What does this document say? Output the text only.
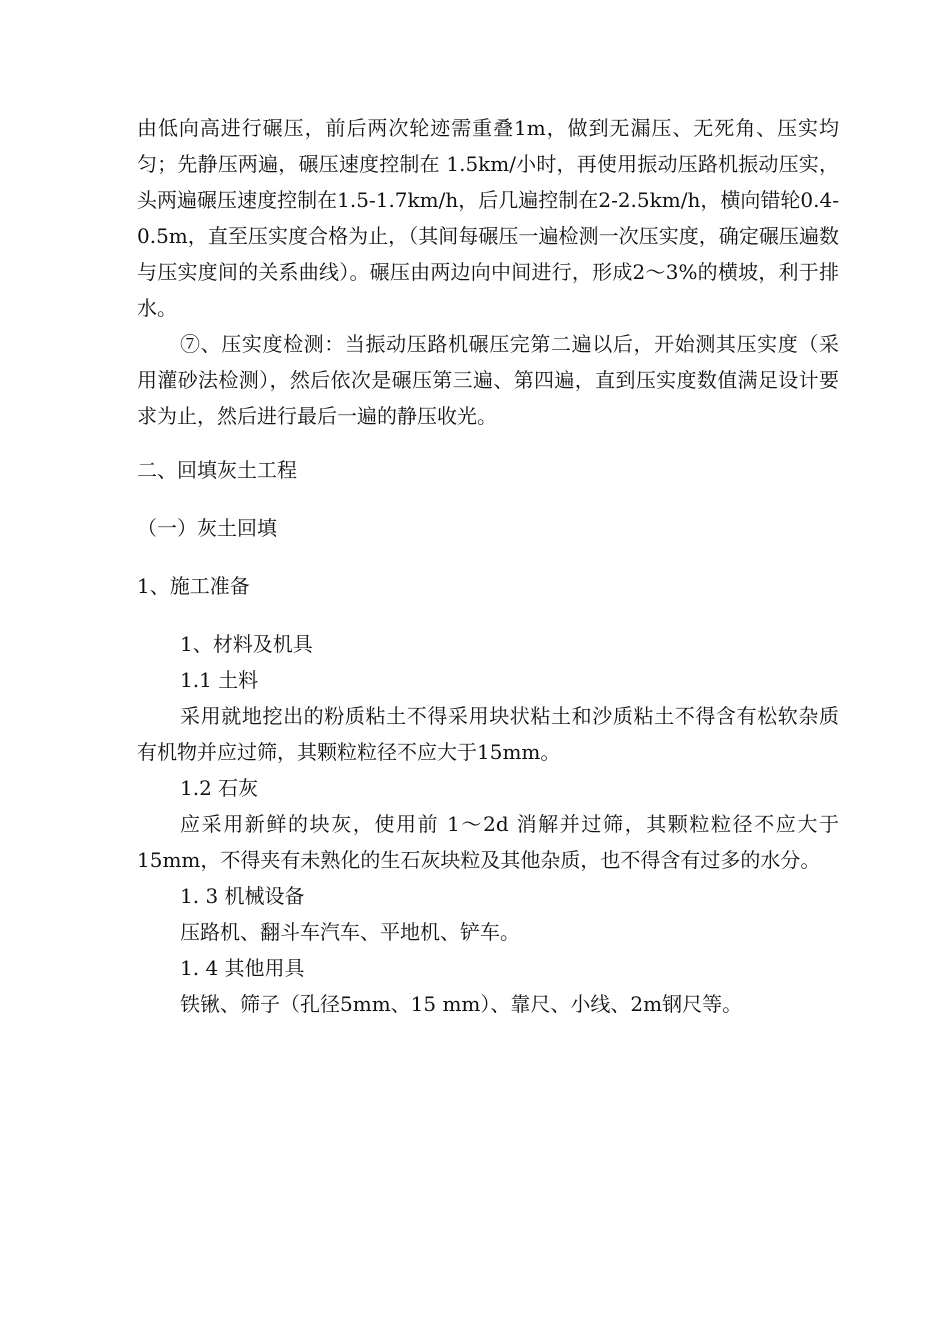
由低向高进行碾压，前后两次轮迹需重叠1m，做到无漏压、无死角、压实均匀；先静压两遍，碾压速度控制在 1.5km/小时，再使用振动压路机振动压实，头两遍碾压速度控制在1.5-1.7km/h，后几遍控制在2-2.5km/h，横向错轮0.4-0.5m，直至压实度合格为止，（其间每碾压一遍检测一次压实度，确定碾压遍数与压实度间的关系曲线）。碾压由两边向中间进行，形成2～3%的横坡，利于排水。

⑦、压实度检测：当振动压路机碾压完第二遍以后，开始测其压实度（采用灌砂法检测），然后依次是碾压第三遍、第四遍，直到压实度数值满足设计要求为止，然后进行最后一遍的静压收光。

二、回填灰土工程

（一）灰土回填

1、施工准备

1、材料及机具

1.1 土料

采用就地挖出的粉质粘土不得采用块状粘土和沙质粘土不得含有松软杂质有机物并应过筛，其颗粒粒径不应大于15mm。

1.2 石灰

应采用新鲜的块灰，使用前 1～2d 消解并过筛，其颗粒粒径不应大于15mm，不得夹有未熟化的生石灰块粒及其他杂质，也不得含有过多的水分。

1. 3 机械设备

压路机、翻斗车汽车、平地机、铲车。

1. 4 其他用具

铁锹、筛子（孔径5mm、15 mm）、靠尺、小线、2m钢尺等。
